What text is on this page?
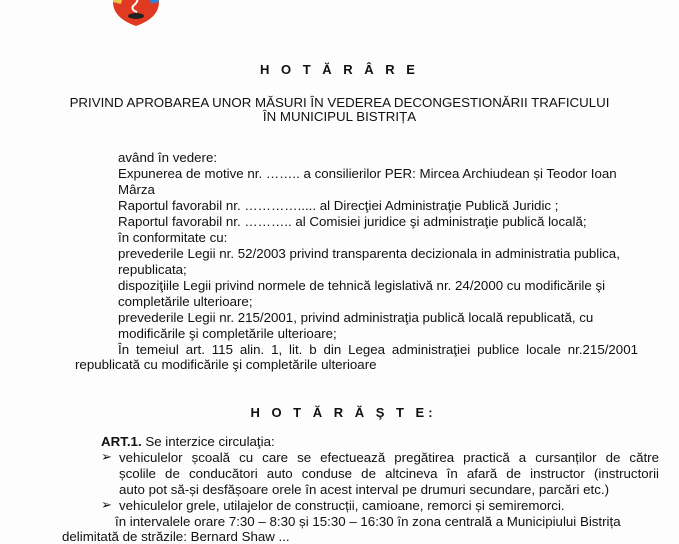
H O T Ă R Â R E
PRIVIND APROBAREA UNOR MĂSURI ÎN VEDEREA DECONGESTIONĂRII TRAFICULUI
ÎN MUNICIPUL BISTRIȚA
având în vedere:
Expunerea de motive nr. …….. a consilierilor PER: Mircea Archiudean și Teodor Ioan
Mârza
Raportul favorabil nr. …………..... al Direcţiei Administraţie Publică Juridic ;
Raportul favorabil nr. ……….. al Comisiei juridice şi administraţie publică locală;
în conformitate cu:
prevederile Legii nr. 52/2003 privind transparenta decizionala in administratia publica,
republicata;
dispoziţiile Legii privind normele de tehnică legislativă nr. 24/2000 cu modificările şi
completările ulterioare;
prevederile Legii nr. 215/2001, privind administraţia publică locală republicată, cu
modificările şi completările ulterioare;
În temeiul art. 115 alin. 1, lit. b din Legea administraţiei publice locale nr.215/2001
republicată cu modificările şi completările ulterioare
H O T Ă R Ă Ş T E:
ART.1. Se interzice circulaţia:
➢ vehiculelor școală cu care se efectuează pregătirea practică a cursanților de către
școlile de conducători auto conduse de altcineva în afară de instructor (instructorii
auto pot să-și desfășoare orele în acest interval pe drumuri secundare, parcări etc.)
➢ vehiculelor grele, utilajelor de construcții, camioane, remorci și semiremorci.
în intervalele orare 7:30 – 8:30 și 15:30 – 16:30 în zona centrală a Municipiului Bistrița
delimitată de străzile: Bernard Shaw ...
